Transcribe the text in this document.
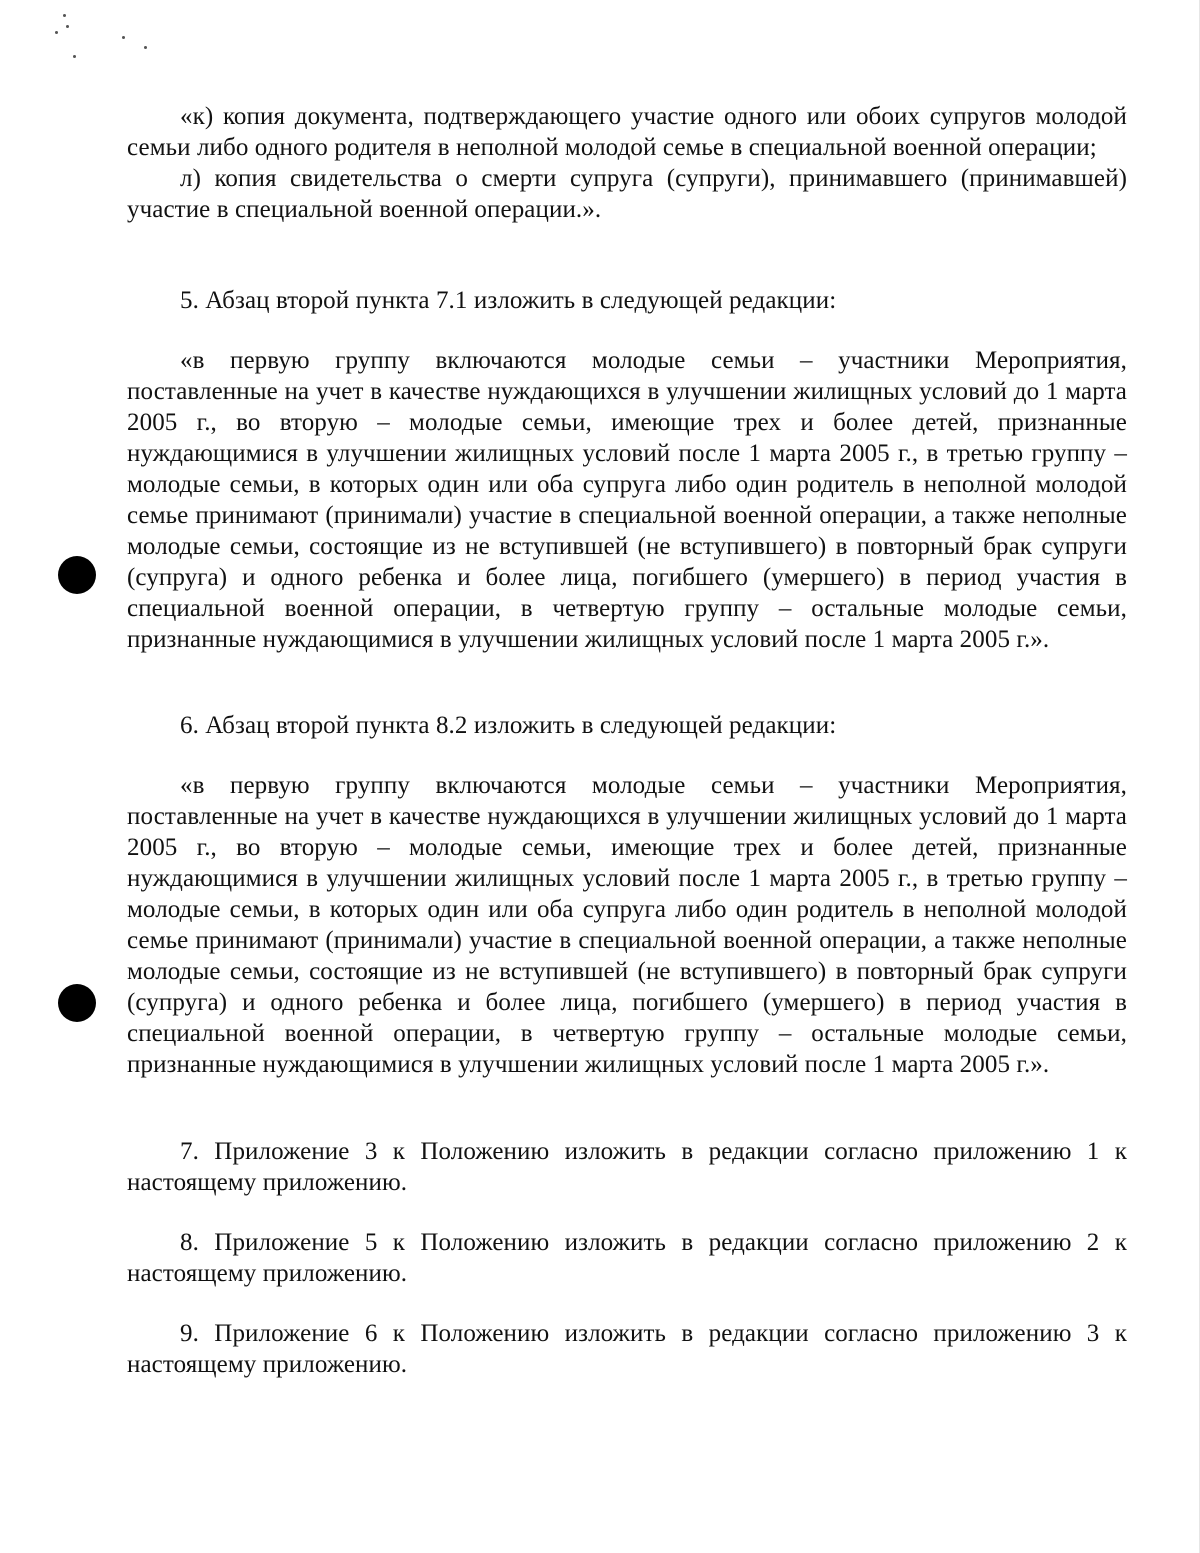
«к) копия документа, подтверждающего участие одного или обоих супругов молодой семьи либо одного родителя в неполной молодой семье в специальной военной операции;

л) копия свидетельства о смерти супруга (супруги), принимавшего (принимавшей) участие в специальной военной операции.».

5. Абзац второй пункта 7.1 изложить в следующей редакции:

«в первую группу включаются молодые семьи – участники Мероприятия, поставленные на учет в качестве нуждающихся в улучшении жилищных условий до 1 марта 2005 г., во вторую – молодые семьи, имеющие трех и более детей, признанные нуждающимися в улучшении жилищных условий после 1 марта 2005 г., в третью группу – молодые семьи, в которых один или оба супруга либо один родитель в неполной молодой семье принимают (принимали) участие в специальной военной операции, а также неполные молодые семьи, состоящие из не вступившей (не вступившего) в повторный брак супруги (супруга) и одного ребенка и более лица, погибшего (умершего) в период участия в специальной военной операции, в четвертую группу – остальные молодые семьи, признанные нуждающимися в улучшении жилищных условий после 1 марта 2005 г.».

6. Абзац второй пункта 8.2 изложить в следующей редакции:

«в первую группу включаются молодые семьи – участники Мероприятия, поставленные на учет в качестве нуждающихся в улучшении жилищных условий до 1 марта 2005 г., во вторую – молодые семьи, имеющие трех и более детей, признанные нуждающимися в улучшении жилищных условий после 1 марта 2005 г., в третью группу – молодые семьи, в которых один или оба супруга либо один родитель в неполной молодой семье принимают (принимали) участие в специальной военной операции, а также неполные молодые семьи, состоящие из не вступившей (не вступившего) в повторный брак супруги (супруга) и одного ребенка и более лица, погибшего (умершего) в период участия в специальной военной операции, в четвертую группу – остальные молодые семьи, признанные нуждающимися в улучшении жилищных условий после 1 марта 2005 г.».

7. Приложение 3 к Положению изложить в редакции согласно приложению 1 к настоящему приложению.

8. Приложение 5 к Положению изложить в редакции согласно приложению 2 к настоящему приложению.

9. Приложение 6 к Положению изложить в редакции согласно приложению 3 к настоящему приложению.
